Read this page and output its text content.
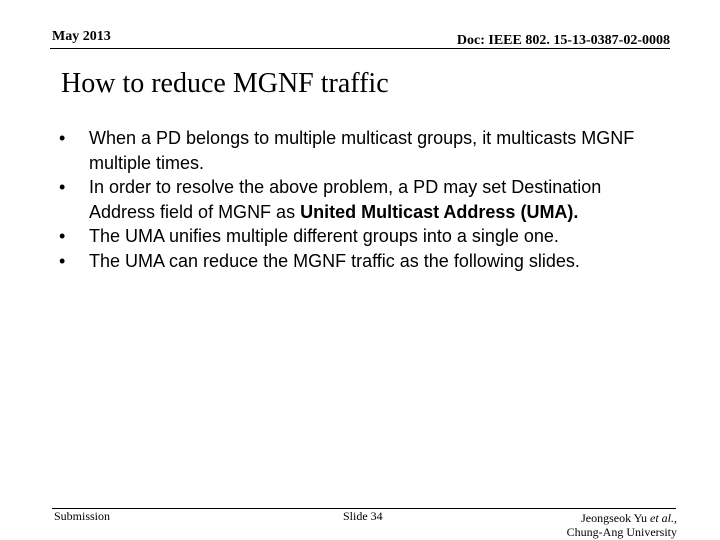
May 2013	Doc: IEEE 802. 15-13-0387-02-0008
How to reduce MGNF traffic
•	When a PD belongs to multiple multicast groups, it multicasts MGNF multiple times.
•	In order to resolve the above problem, a PD may set Destination Address field of MGNF as United Multicast Address (UMA).
•	The UMA unifies multiple different groups into a single one.
•	The UMA can reduce the MGNF traffic as the following slides.
Submission	Slide 34	Jeongseok Yu et al.,
Chung-Ang University
